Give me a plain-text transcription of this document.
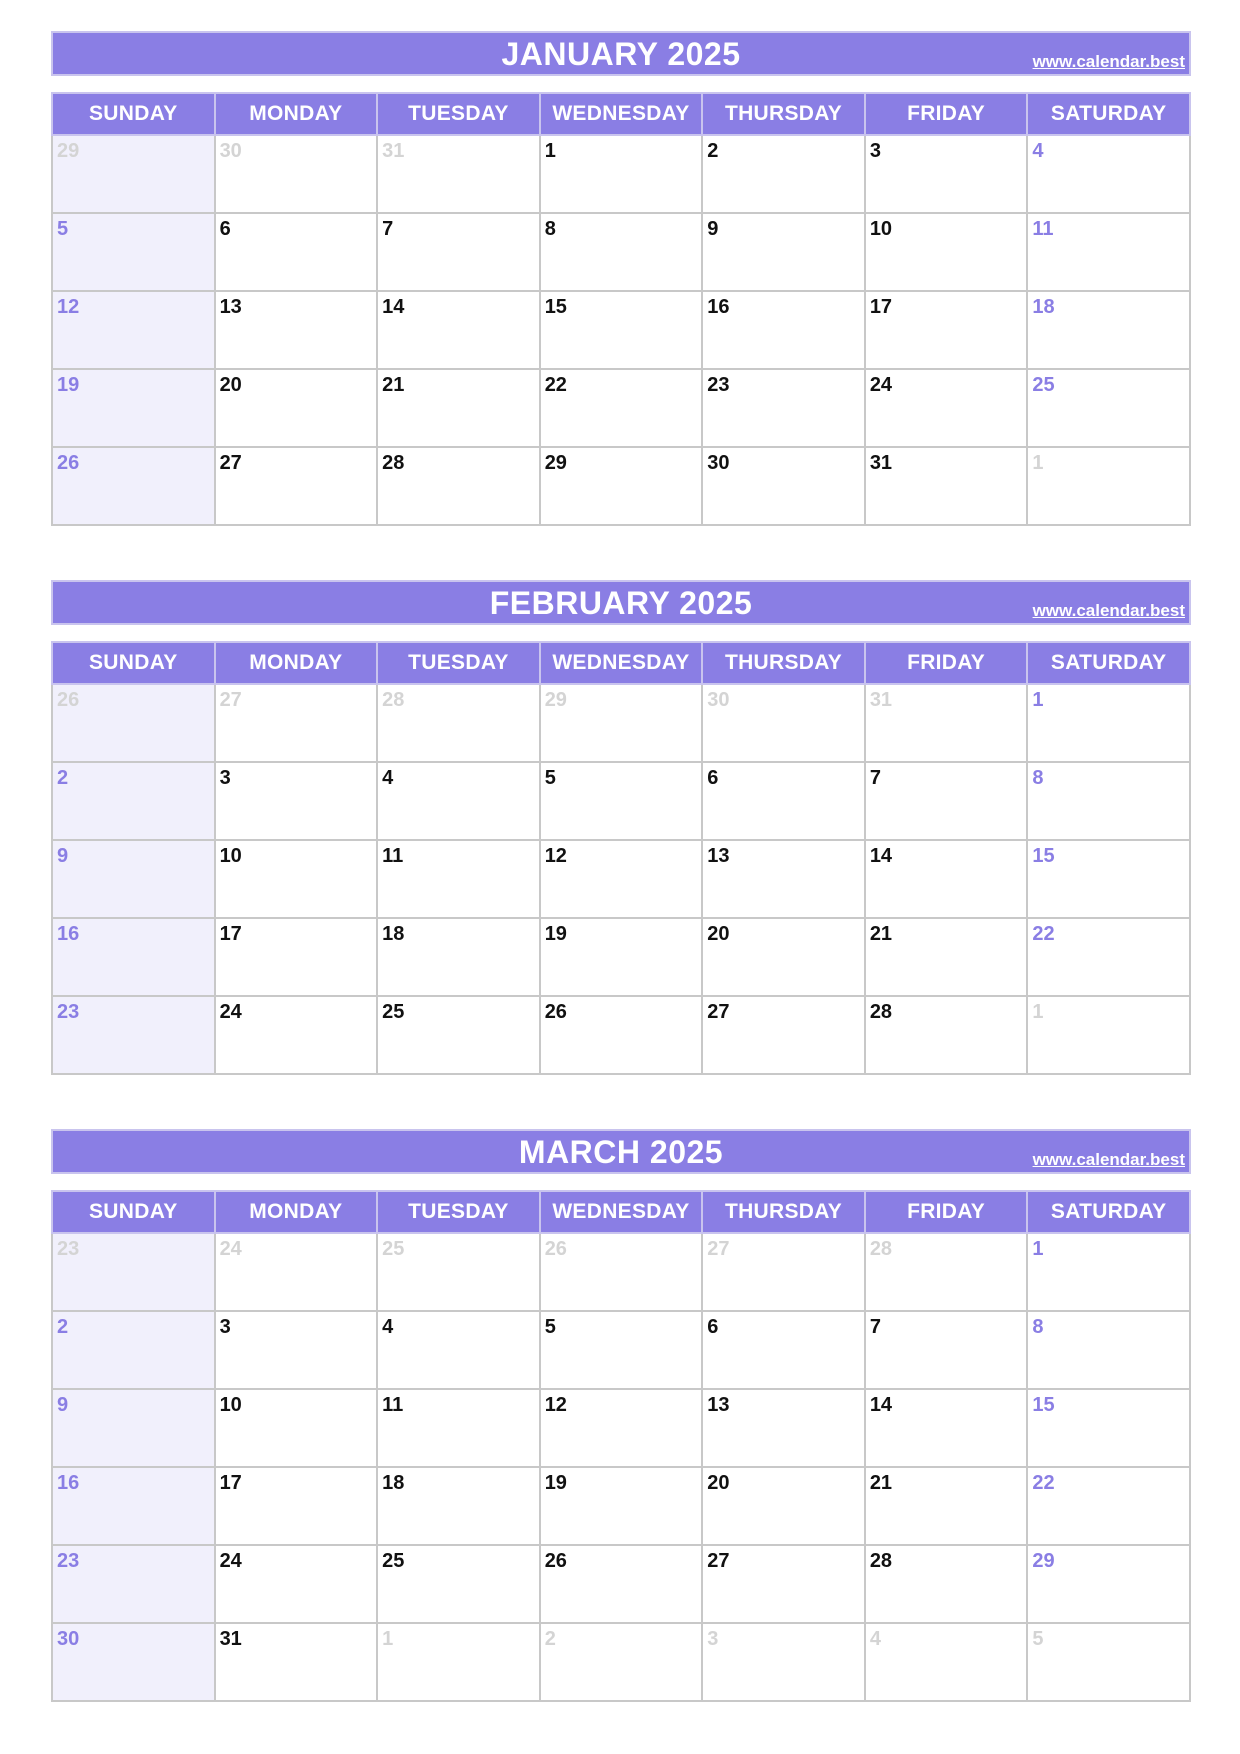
JANUARY 2025	www.calendar.best
SUNDAY	MONDAY	TUESDAY	WEDNESDAY	THURSDAY	FRIDAY	SATURDAY
29	30	31	1	2	3	4
5	6	7	8	9	10	11
12	13	14	15	16	17	18
19	20	21	22	23	24	25
26	27	28	29	30	31	1
FEBRUARY 2025	www.calendar.best
SUNDAY	MONDAY	TUESDAY	WEDNESDAY	THURSDAY	FRIDAY	SATURDAY
26	27	28	29	30	31	1
2	3	4	5	6	7	8
9	10	11	12	13	14	15
16	17	18	19	20	21	22
23	24	25	26	27	28	1
MARCH 2025	www.calendar.best
SUNDAY	MONDAY	TUESDAY	WEDNESDAY	THURSDAY	FRIDAY	SATURDAY
23	24	25	26	27	28	1
2	3	4	5	6	7	8
9	10	11	12	13	14	15
16	17	18	19	20	21	22
23	24	25	26	27	28	29
30	31	1	2	3	4	5
